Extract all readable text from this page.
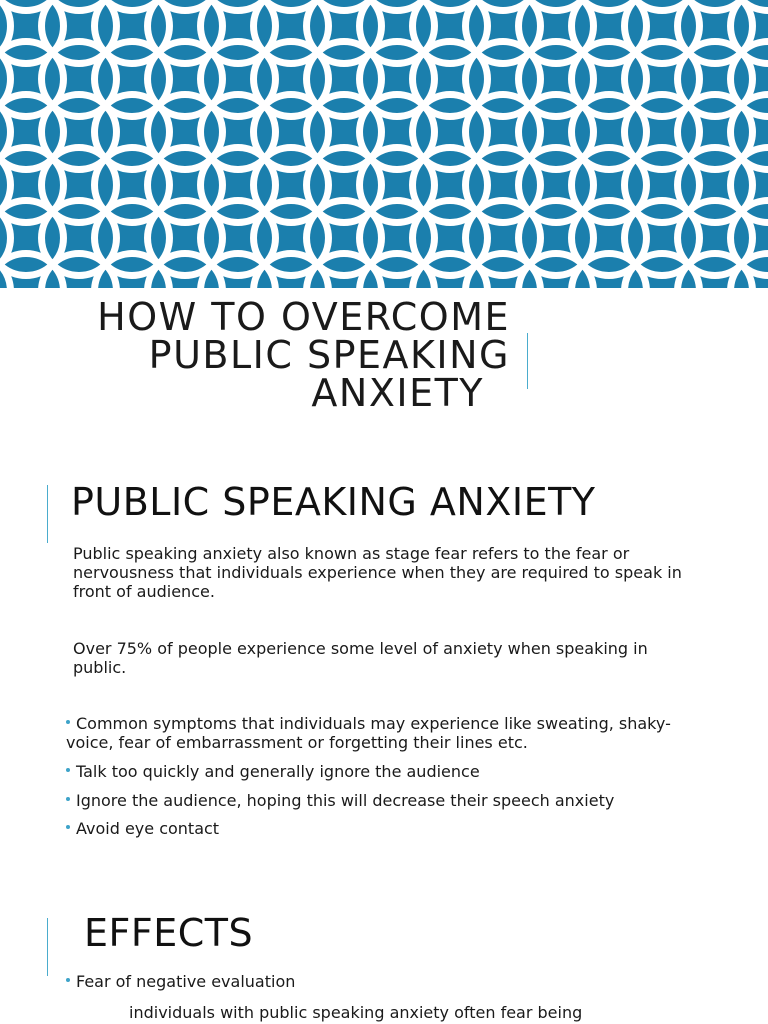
HOW TO OVERCOME
PUBLIC SPEAKING
ANXIETY
PUBLIC SPEAKING ANXIETY
Public speaking anxiety also known as stage fear refers to the fear or nervousness that individuals experience when they are required to speak in front of audience.
Over 75% of people experience some level of anxiety when speaking in public.
Common symptoms that individuals may experience like sweating, shaky-voice, fear of embarrassment or forgetting their lines etc.
Talk too quickly and generally ignore the audience
Ignore the audience, hoping this will decrease their speech anxiety
Avoid eye contact
EFFECTS
Fear of negative evaluation
individuals with public speaking anxiety often fear being
